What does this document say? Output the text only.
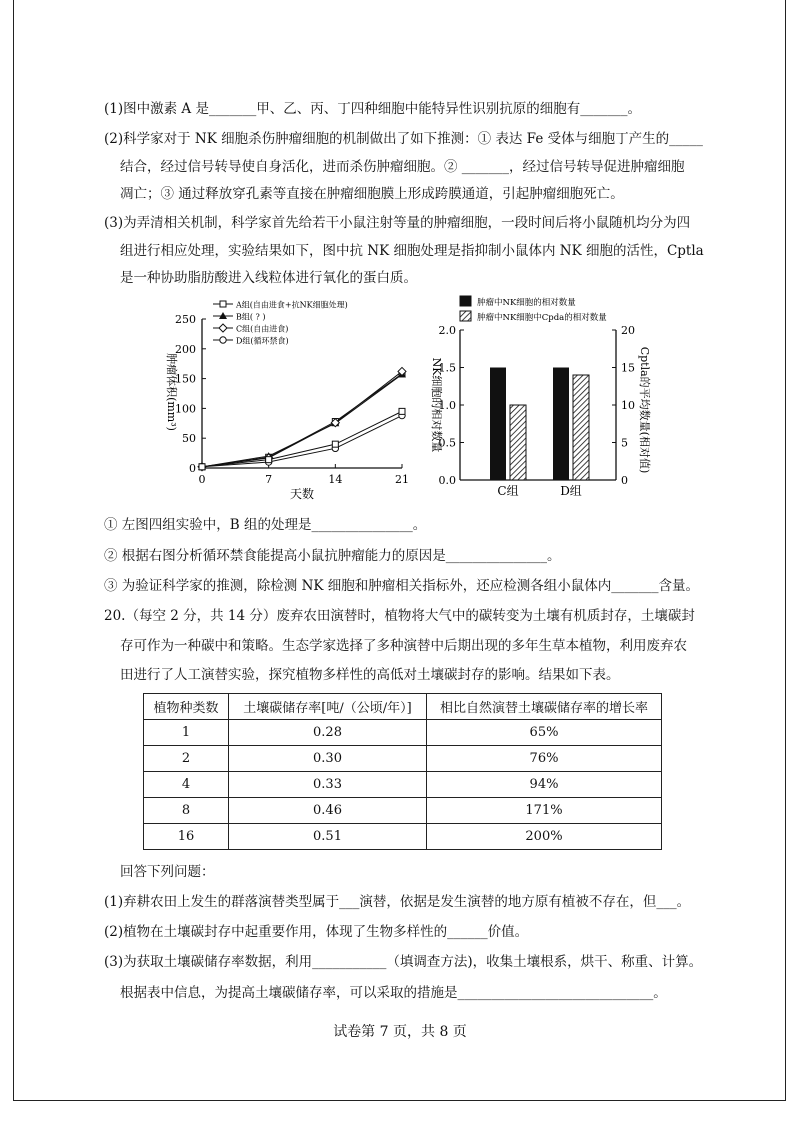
(1)图中激素 A 是_______甲、乙、丙、丁四种细胞中能特异性识别抗原的细胞有_______。
(2)科学家对于 NK 细胞杀伤肿瘤细胞的机制做出了如下推测：① 表达 Fe 受体与细胞丁产生的_____
结合，经过信号转导使自身活化，进而杀伤肿瘤细胞。② _______，经过信号转导促进肿瘤细胞
凋亡；③ 通过释放穿孔素等直接在肿瘤细胞膜上形成跨膜通道，引起肿瘤细胞死亡。
(3)为弄清相关机制，科学家首先给若干小鼠注射等量的肿瘤细胞，一段时间后将小鼠随机均分为四
组进行相应处理，实验结果如下，图中抗 NK 细胞处理是指抑制小鼠体内 NK 细胞的活性，Cptla
是一种协助脂肪酸进入线粒体进行氧化的蛋白质。
0
50
100
150
200
250
0	7	14	21
天数
肿瘤体积(mm³)
A组(自由进食+抗NK细胞处理)
B组( ? )
C组(自由进食)
D组(循环禁食)
0.0
0.5
1.0
1.5
2.0
0
5
10
15
20
NK细胞的相对数量	Cptla的平均数量(相对值)
C组	D组
肿瘤中NK细胞的相对数量
肿瘤中NK细胞中Cpdа的相对数量
① 左图四组实验中，B 组的处理是_______________。
② 根据右图分析循环禁食能提高小鼠抗肿瘤能力的原因是_______________。
③ 为验证科学家的推测，除检测 NK 细胞和肿瘤相关指标外，还应检测各组小鼠体内_______含量。
20.（每空 2 分，共 14 分）废弃农田演替时，植物将大气中的碳转变为土壤有机质封存，土壤碳封
存可作为一种碳中和策略。生态学家选择了多种演替中后期出现的多年生草本植物，利用废弃农
田进行了人工演替实验，探究植物多样性的高低对土壤碳封存的影响。结果如下表。
植物种类数	土壤碳储存率[吨/（公顷/年）]	相比自然演替土壤碳储存率的增长率
1	0.28	65%
2	0.30	76%
4	0.33	94%
8	0.46	171%
16	0.51	200%
回答下列问题：
(1)弃耕农田上发生的群落演替类型属于___演替，依据是发生演替的地方原有植被不存在，但___。
(2)植物在土壤碳封存中起重要作用，体现了生物多样性的______价值。
(3)为获取土壤碳储存率数据，利用___________（填调查方法)，收集土壤根系，烘干、称重、计算。
根据表中信息，为提高土壤碳储存率，可以采取的措施是_____________________________。
试卷第 7 页，共 8 页
